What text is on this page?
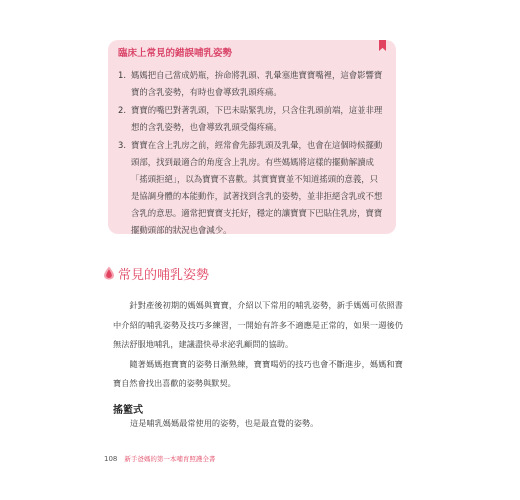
臨床上常見的錯誤哺乳姿勢
1. 媽媽把自己當成奶瓶，拚命將乳頭、乳暈塞進寶寶嘴裡，這會影響寶寶的含乳姿勢，有時也會導致乳頭疼痛。
2. 寶寶的嘴巴對著乳頭，下巴未貼緊乳房，只含住乳頭前端，這並非理想的含乳姿勢，也會導致乳頭受傷疼痛。
3. 寶寶在含上乳房之前，經常會先舔乳頭及乳暈，也會在這個時候擺動頭部，找到最適合的角度含上乳房。有些媽媽將這樣的擺動解讀成「搖頭拒絕」，以為寶寶不喜歡。其實寶寶並不知道搖頭的意義，只是協調身體的本能動作，試著找到含乳的姿勢，並非拒絕含乳或不想含乳的意思。適常把寶寶支托好，穩定的讓寶寶下巴貼住乳房，寶寶擺動頭部的狀況也會減少。
常見的哺乳姿勢

針對產後初期的媽媽與寶寶，介紹以下常用的哺乳姿勢，新手媽媽可依照書中介紹的哺乳姿勢及技巧多練習，一開始有許多不適應是正常的，如果一週後仍無法舒服地哺乳，建議盡快尋求泌乳顧問的協助。

隨著媽媽抱寶寶的姿勢日漸熟練，寶寶喝奶的技巧也會不斷進步，媽媽和寶寶自然會找出喜歡的姿勢與默契。

搖籃式
這是哺乳媽媽最常使用的姿勢，也是最直覺的姿勢。
108 新手爸媽的第一本哺育照護全書
